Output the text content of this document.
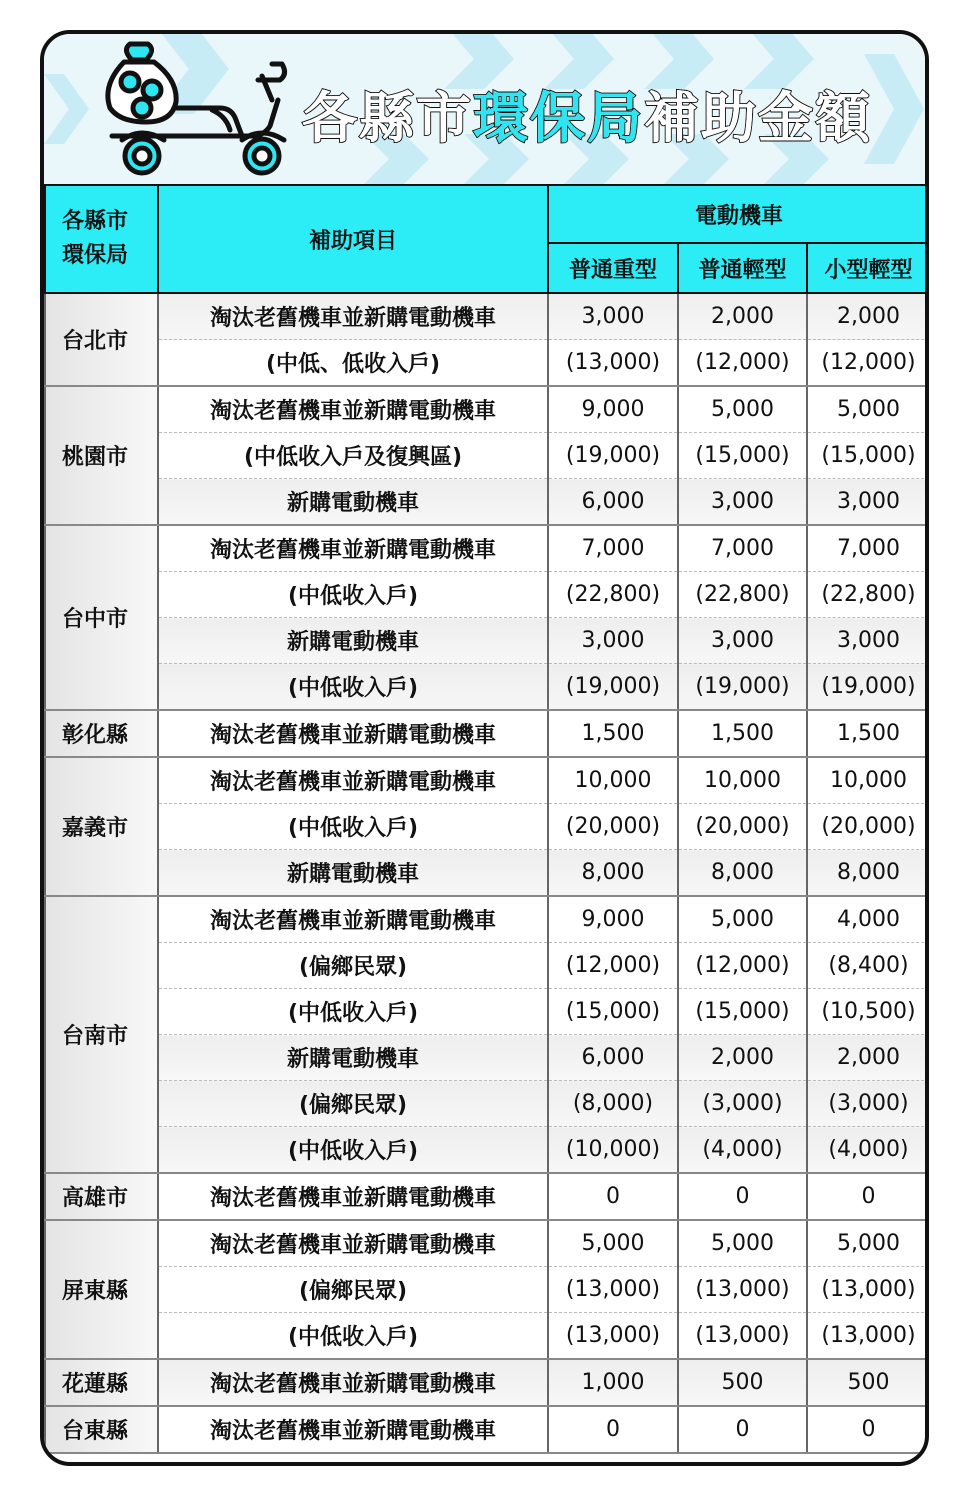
各縣市環保局補助金額
各縣市
環保局	補助項目	電動機車		
		普通重型	普通輕型	小型輕型
台北市	淘汰老舊機車並新購電動機車	3,000	2,000	2,000
	(中低、低收入戶)	(13,000)	(12,000)	(12,000)
桃園市	淘汰老舊機車並新購電動機車	9,000	5,000	5,000
	(中低收入戶及復興區)	(19,000)	(15,000)	(15,000)
	新購電動機車	6,000	3,000	3,000
台中市	淘汰老舊機車並新購電動機車	7,000	7,000	7,000
	(中低收入戶)	(22,800)	(22,800)	(22,800)
	新購電動機車	3,000	3,000	3,000
	(中低收入戶)	(19,000)	(19,000)	(19,000)
彰化縣	淘汰老舊機車並新購電動機車	1,500	1,500	1,500
嘉義市	淘汰老舊機車並新購電動機車	10,000	10,000	10,000
	(中低收入戶)	(20,000)	(20,000)	(20,000)
	新購電動機車	8,000	8,000	8,000
台南市	淘汰老舊機車並新購電動機車	9,000	5,000	4,000
	(偏鄉民眾)	(12,000)	(12,000)	(8,400)
	(中低收入戶)	(15,000)	(15,000)	(10,500)
	新購電動機車	6,000	2,000	2,000
	(偏鄉民眾)	(8,000)	(3,000)	(3,000)
	(中低收入戶)	(10,000)	(4,000)	(4,000)
高雄市	淘汰老舊機車並新購電動機車	0	0	0
屏東縣	淘汰老舊機車並新購電動機車	5,000	5,000	5,000
	(偏鄉民眾)	(13,000)	(13,000)	(13,000)
	(中低收入戶)	(13,000)	(13,000)	(13,000)
花蓮縣	淘汰老舊機車並新購電動機車	1,000	500	500
台東縣	淘汰老舊機車並新購電動機車	0	0	0
